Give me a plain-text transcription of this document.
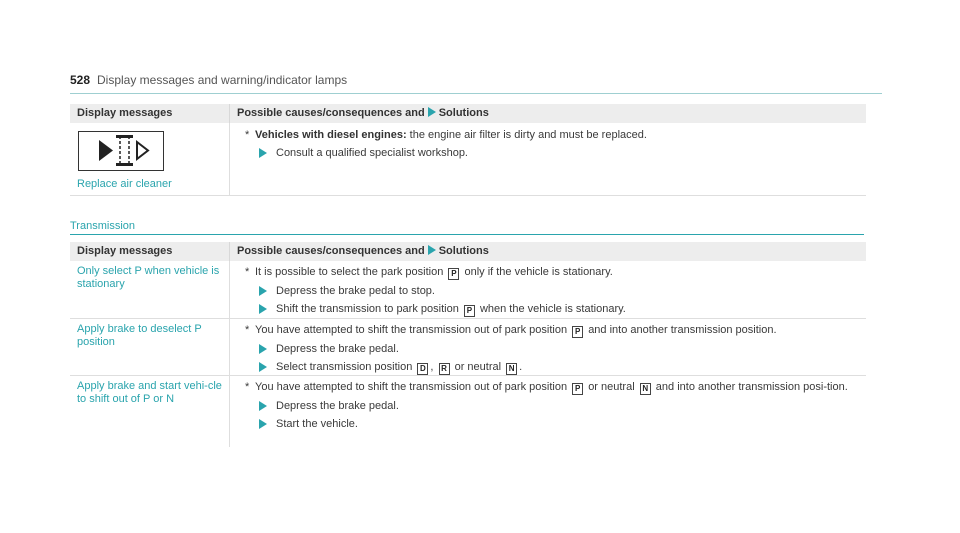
528 Display messages and warning/indicator lamps
Display messages	Possible causes/consequences and Solutions

Replace air cleaner	* Vehicles with diesel engines: the engine air filter is dirty and must be replaced.
Consult a qualified specialist workshop.
Transmission
Display messages	Possible causes/consequences and Solutions

Only select P when vehicle is stationary	* It is possible to select the park position P only if the vehicle is stationary.
Depress the brake pedal to stop.
Shift the transmission to park position P when the vehicle is stationary.

Apply brake to deselect P position	* You have attempted to shift the transmission out of park position P and into another transmission position.
Depress the brake pedal.
Select transmission position D , R or neutral N .

Apply brake and start vehi-cle to shift out of P or N	* You have attempted to shift the transmission out of park position P or neutral N and into another transmission posi-tion.
Depress the brake pedal.
Start the vehicle.
